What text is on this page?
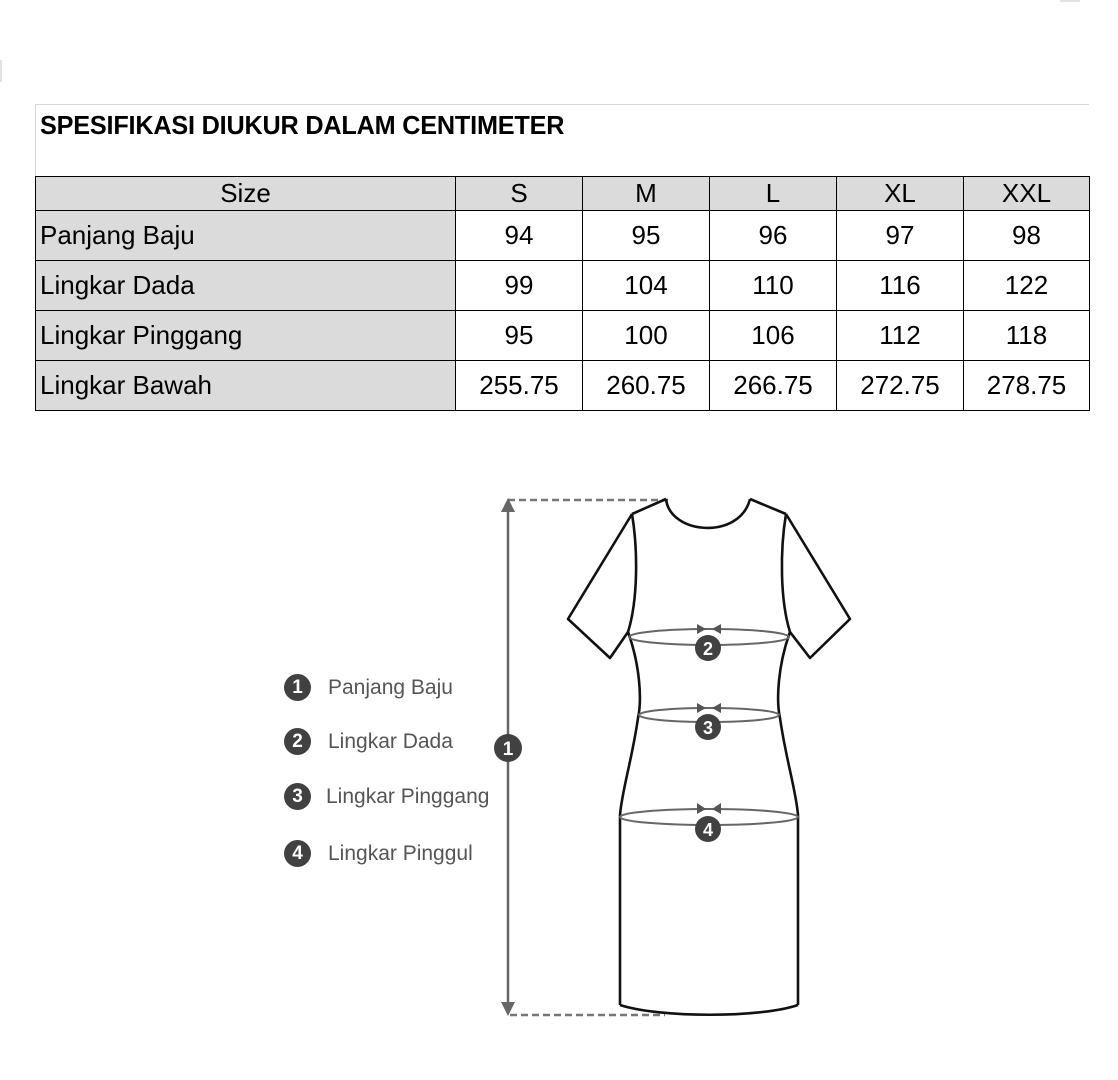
SPESIFIKASI DIUKUR DALAM CENTIMETER
Size	S	M	L	XL	XXL
Panjang Baju	94	95	96	97	98
Lingkar Dada	99	104	110	116	122
Lingkar Pinggang	95	100	106	112	118
Lingkar Bawah	255.75	260.75	266.75	272.75	278.75
1
2
3
4
1	Panjang Baju
2	Lingkar Dada
3	Lingkar Pinggang
4	Lingkar Pinggul
